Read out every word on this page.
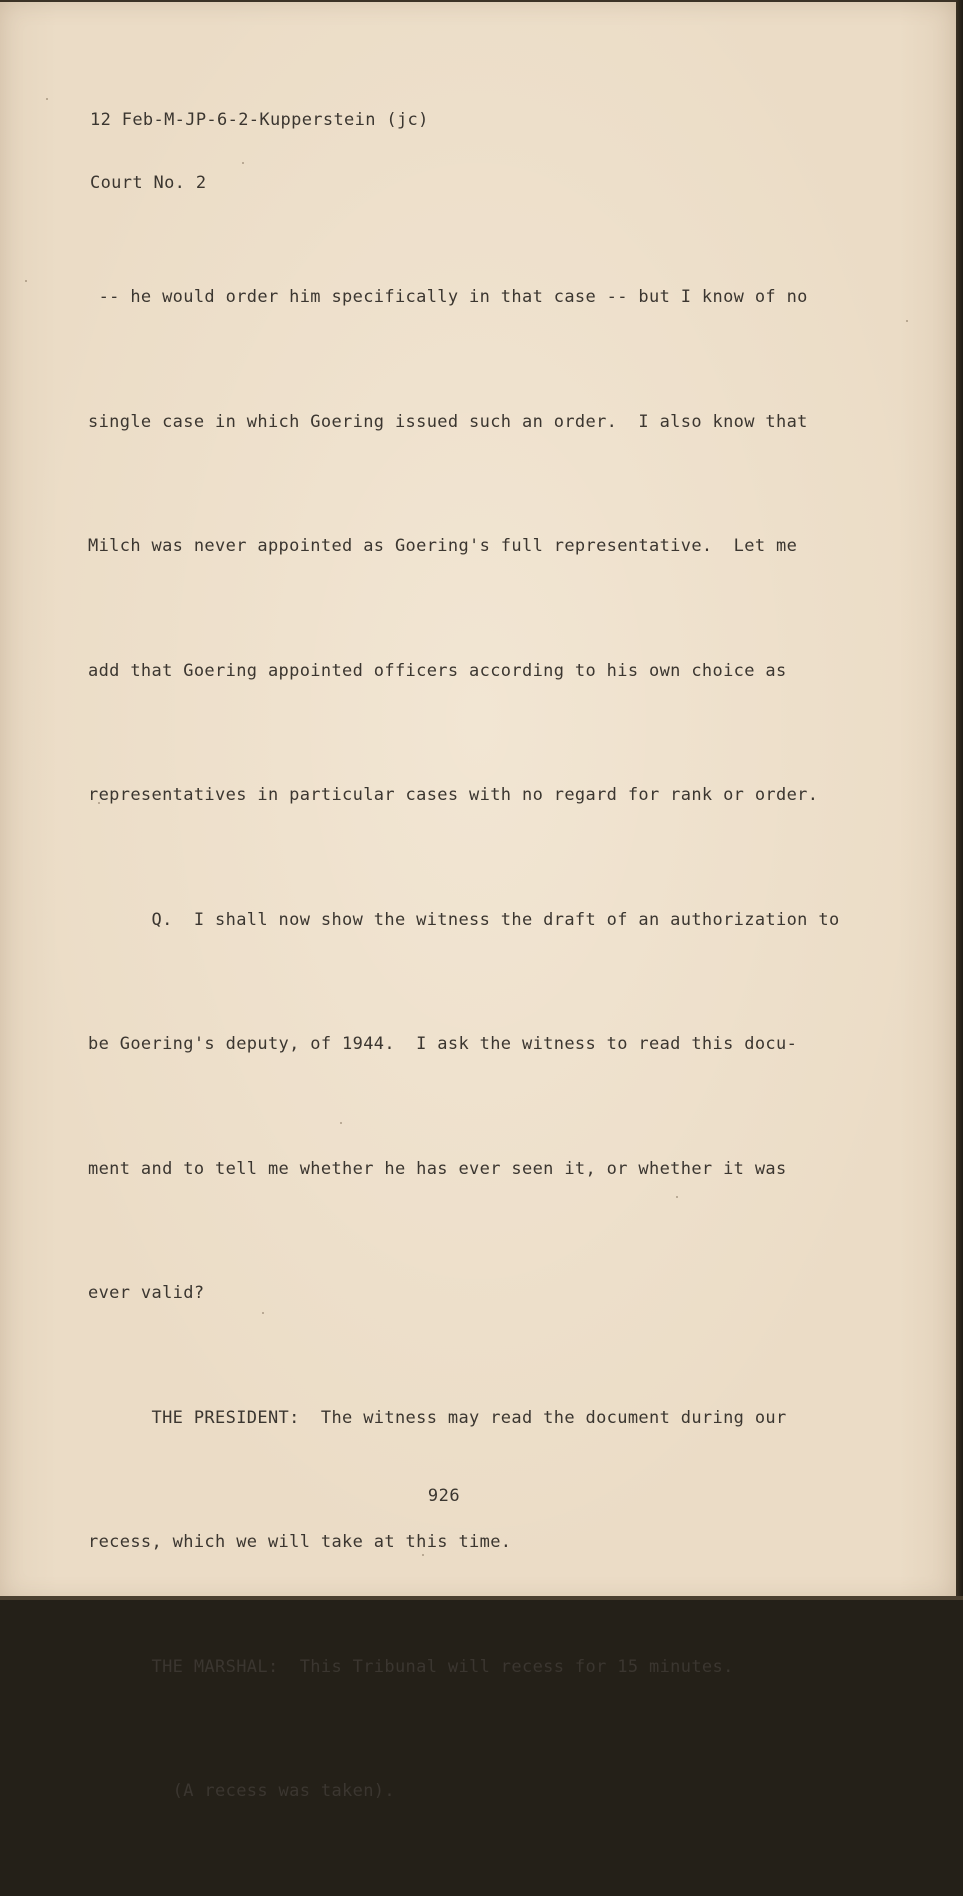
12 Feb-M-JP-6-2-Kupperstein (jc)

Court No. 2

-- he would order him specifically in that case -- but I know of no

single case in which Goering issued such an order.  I also know that

Milch was never appointed as Goering's full representative.  Let me

add that Goering appointed officers according to his own choice as

representatives in particular cases with no regard for rank or order.

Q.  I shall now show the witness the draft of an authorization to

be Goering's deputy, of 1944.  I ask the witness to read this docu-

ment and to tell me whether he has ever seen it, or whether it was

ever valid?

THE PRESIDENT:  The witness may read the document during our

recess, which we will take at this time.

THE MARSHAL:  This Tribunal will recess for 15 minutes.

(A recess was taken).

926
